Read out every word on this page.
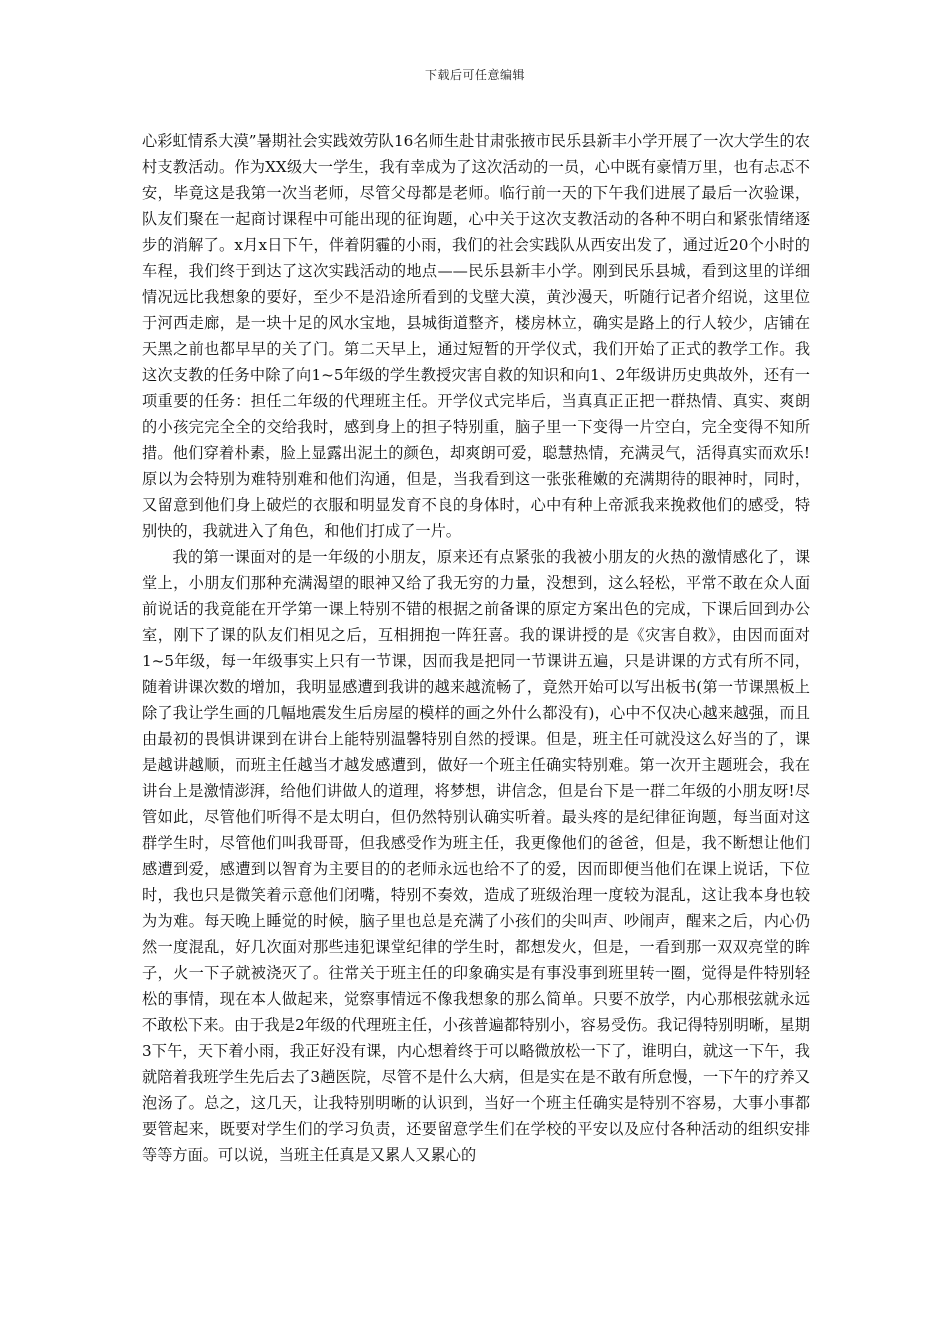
下载后可任意编辑

心彩虹情系大漠”暑期社会实践效劳队16名师生赴甘肃张掖市民乐县新丰小学开展了一次大学生的农村支教活动。作为XX级大一学生，我有幸成为了这次活动的一员，心中既有豪情万里，也有忐忑不安，毕竟这是我第一次当老师，尽管父母都是老师。临行前一天的下午我们进展了最后一次验课，队友们聚在一起商讨课程中可能出现的征询题，心中关于这次支教活动的各种不明白和紧张情绪逐步的消解了。x月x日下午，伴着阴霾的小雨，我们的社会实践队从西安出发了，通过近20个小时的车程，我们终于到达了这次实践活动的地点——民乐县新丰小学。刚到民乐县城，看到这里的详细情况远比我想象的要好，至少不是沿途所看到的戈壁大漠，黄沙漫天，听随行记者介绍说，这里位于河西走廊，是一块十足的风水宝地，县城街道整齐，楼房林立，确实是路上的行人较少，店铺在天黑之前也都早早的关了门。第二天早上，通过短暂的开学仪式，我们开始了正式的教学工作。我这次支教的任务中除了向1~5年级的学生教授灾害自救的知识和向1、2年级讲历史典故外，还有一项重要的任务：担任二年级的代理班主任。开学仪式完毕后，当真真正正把一群热情、真实、爽朗的小孩完完全全的交给我时，感到身上的担子特别重，脑子里一下变得一片空白，完全变得不知所措。他们穿着朴素，脸上显露出泥土的颜色，却爽朗可爱，聪慧热情，充满灵气，活得真实而欢乐!原以为会特别为难特别难和他们沟通，但是，当我看到这一张张稚嫩的充满期待的眼神时，同时，又留意到他们身上破烂的衣服和明显发育不良的身体时，心中有种上帝派我来挽救他们的感受，特别快的，我就进入了角色，和他们打成了一片。

我的第一课面对的是一年级的小朋友，原来还有点紧张的我被小朋友的火热的激情感化了，课堂上，小朋友们那种充满渴望的眼神又给了我无穷的力量，没想到，这么轻松，平常不敢在众人面前说话的我竟能在开学第一课上特别不错的根据之前备课的原定方案出色的完成，下课后回到办公室，刚下了课的队友们相见之后，互相拥抱一阵狂喜。我的课讲授的是《灾害自救》，由因而面对1~5年级，每一年级事实上只有一节课，因而我是把同一节课讲五遍，只是讲课的方式有所不同，随着讲课次数的增加，我明显感遭到我讲的越来越流畅了，竟然开始可以写出板书(第一节课黑板上除了我让学生画的几幅地震发生后房屋的模样的画之外什么都没有)，心中不仅决心越来越强，而且由最初的畏惧讲课到在讲台上能特别温馨特别自然的授课。但是，班主任可就没这么好当的了，课是越讲越顺，而班主任越当才越发感遭到，做好一个班主任确实特别难。第一次开主题班会，我在讲台上是激情澎湃，给他们讲做人的道理，将梦想，讲信念，但是台下是一群二年级的小朋友呀!尽管如此，尽管他们听得不是太明白，但仍然特别认确实听着。最头疼的是纪律征询题，每当面对这群学生时，尽管他们叫我哥哥，但我感受作为班主任，我更像他们的爸爸，但是，我不断想让他们感遭到爱，感遭到以智育为主要目的的老师永远也给不了的爱，因而即便当他们在课上说话，下位时，我也只是微笑着示意他们闭嘴，特别不奏效，造成了班级治理一度较为混乱，这让我本身也较为为难。每天晚上睡觉的时候，脑子里也总是充满了小孩们的尖叫声、吵闹声，醒来之后，内心仍然一度混乱，好几次面对那些违犯课堂纪律的学生时，都想发火，但是，一看到那一双双亮堂的眸子，火一下子就被浇灭了。往常关于班主任的印象确实是有事没事到班里转一圈，觉得是件特别轻松的事情，现在本人做起来，觉察事情远不像我想象的那么简单。只要不放学，内心那根弦就永远不敢松下来。由于我是2年级的代理班主任，小孩普遍都特别小，容易受伤。我记得特别明晰，星期3下午，天下着小雨，我正好没有课，内心想着终于可以略微放松一下了，谁明白，就这一下午，我就陪着我班学生先后去了3趟医院，尽管不是什么大病，但是实在是不敢有所怠慢，一下午的疗养又泡汤了。总之，这几天，让我特别明晰的认识到，当好一个班主任确实是特别不容易，大事小事都要管起来，既要对学生们的学习负责，还要留意学生们在学校的平安以及应付各种活动的组织安排等等方面。可以说，当班主任真是又累人又累心的
